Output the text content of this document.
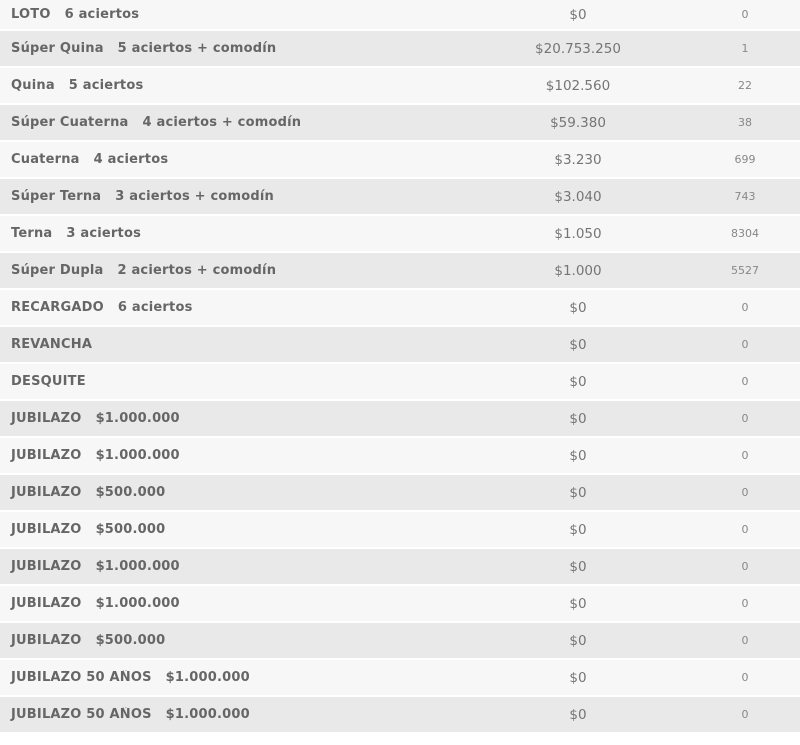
LOTO 6 aciertos	$0	0
Súper Quina 5 aciertos + comodín	$20.753.250	1
Quina 5 aciertos	$102.560	22
Súper Cuaterna 4 aciertos + comodín	$59.380	38
Cuaterna 4 aciertos	$3.230	699
Súper Terna 3 aciertos + comodín	$3.040	743
Terna 3 aciertos	$1.050	8304
Súper Dupla 2 aciertos + comodín	$1.000	5527
RECARGADO 6 aciertos	$0	0
REVANCHA	$0	0
DESQUITE	$0	0
JUBILAZO $1.000.000	$0	0
JUBILAZO $1.000.000	$0	0
JUBILAZO $500.000	$0	0
JUBILAZO $500.000	$0	0
JUBILAZO $1.000.000	$0	0
JUBILAZO $1.000.000	$0	0
JUBILAZO $500.000	$0	0
JUBILAZO 50 AÑOS $1.000.000	$0	0
JUBILAZO 50 AÑOS $1.000.000	$0	0
